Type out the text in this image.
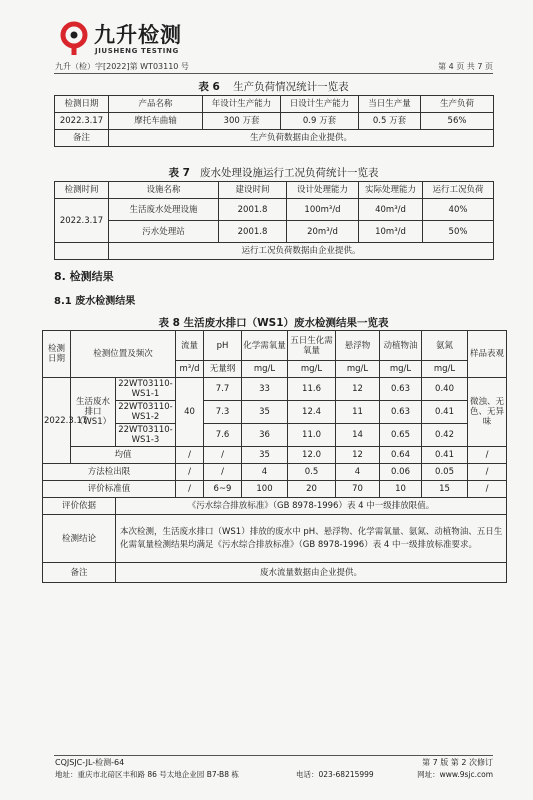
九升检测
JIUSHENG TESTING
九升（检）字[2022]第 WT03110 号	第 4 页 共 7 页
表 6 生产负荷情况统计一览表
检测日期	产品名称	年设计生产能力	日设计生产能力	当日生产量	生产负荷
2022.3.17	摩托车曲轴	300 万套	0.9 万套	0.5 万套	56%
备注	生产负荷数据由企业提供。				
表 7 废水处理设施运行工况负荷统计一览表
检测时间	设施名称	建设时间	设计处理能力	实际处理能力	运行工况负荷
2022.3.17	生活废水处理设施	2001.8	100m³/d	40m³/d	40%
	污水处理站	2001.8	20m³/d	10m³/d	50%
	运行工况负荷数据由企业提供。				
8. 检测结果
8.1 废水检测结果
表 8 生活废水排口（WS1）废水检测结果一览表
检测日期	检测位置及频次		流量	pH	化学需氧量	五日生化需氧量	悬浮物	动植物油	氨氮	样品表观
			m³/d	无量纲	mg/L	mg/L	mg/L	mg/L	mg/L	
2022.3.17	生活废水排口（WS1）	22WT03110-WS1-1	40	7.7	33	11.6	12	0.63	0.40	微浊、无色、无异味
		22WT03110-WS1-2		7.3	35	12.4	11	0.63	0.41	
		22WT03110-WS1-3		7.6	36	11.0	14	0.65	0.42	
	均值		/	/	35	12.0	12	0.64	0.41	/
方法检出限			/	/	4	0.5	4	0.06	0.05	/
评价标准值			/	6~9	100	20	70	10	15	/
评价依据		《污水综合排放标准》（GB 8978-1996）表 4 中一级排放限值。								
检测结论		本次检测，生活废水排口（WS1）排放的废水中 pH、悬浮物、化学需氧量、氨氮、动植物油、五日生化需氧量检测结果均满足《污水综合排放标准》（GB 8978-1996）表 4 中一级排放标准要求。								
备注		废水流量数据由企业提供。								
CQJSJC-JL-检测-64	第 7 版 第 2 次修订
地址：重庆市北碚区丰和路 86 号太地企业园 B7-B8 栋	电话：023-68215999	网址：www.9sjc.com
